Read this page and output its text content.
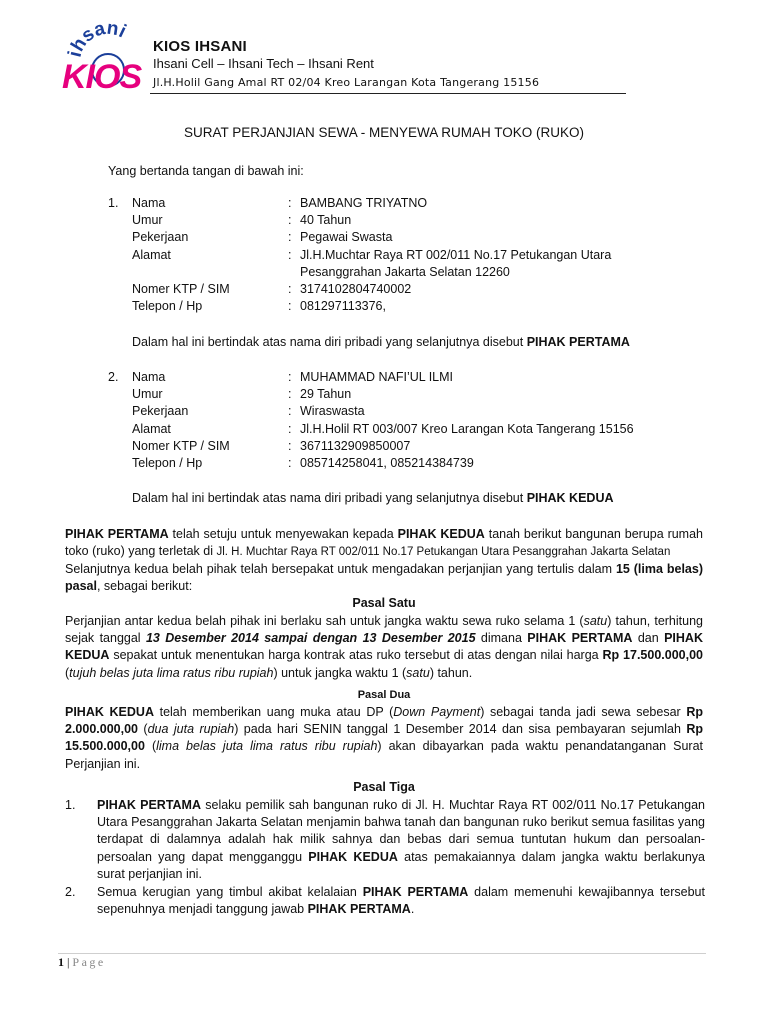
ihsani
KIOS
KIOS IHSANI
Ihsani Cell – Ihsani Tech – Ihsani Rent
Jl.H.Holil Gang Amal RT 02/04 Kreo Larangan Kota Tangerang 15156
SURAT PERJANJIAN SEWA - MENYEWA RUMAH TOKO (RUKO)
Yang bertanda tangan di bawah ini:
1. Nama	: BAMBANG TRIYATNO
Umur	: 40 Tahun
Pekerjaan	: Pegawai Swasta
Alamat	: Jl.H.Muchtar Raya RT 002/011 No.17 Petukangan Utara
Pesanggrahan Jakarta Selatan 12260
Nomer KTP / SIM	: 3174102804740002
Telepon / Hp	: 081297113376,
Dalam hal ini bertindak atas nama diri pribadi yang selanjutnya disebut PIHAK PERTAMA
2. Nama	: MUHAMMAD NAFI’UL ILMI
Umur	: 29 Tahun
Pekerjaan	: Wiraswasta
Alamat	: Jl.H.Holil RT 003/007 Kreo Larangan Kota Tangerang 15156
Nomer KTP / SIM	: 3671132909850007
Telepon / Hp	: 085714258041, 085214384739
Dalam hal ini bertindak atas nama diri pribadi yang selanjutnya disebut PIHAK KEDUA
PIHAK PERTAMA telah setuju untuk menyewakan kepada PIHAK KEDUA tanah berikut bangunan berupa rumah toko (ruko) yang terletak di Jl. H. Muchtar Raya RT 002/011 No.17 Petukangan Utara Pesanggrahan Jakarta Selatan
Selanjutnya kedua belah pihak telah bersepakat untuk mengadakan perjanjian yang tertulis dalam 15 (lima belas) pasal, sebagai berikut:
Pasal Satu
Perjanjian antar kedua belah pihak ini berlaku sah untuk jangka waktu sewa ruko selama 1 (satu) tahun, terhitung sejak tanggal 13 Desember 2014 sampai dengan 13 Desember 2015 dimana PIHAK PERTAMA dan PIHAK KEDUA sepakat untuk menentukan harga kontrak atas ruko tersebut di atas dengan nilai harga Rp 17.500.000,00 (tujuh belas juta lima ratus ribu rupiah) untuk jangka waktu 1 (satu) tahun.
Pasal Dua
PIHAK KEDUA telah memberikan uang muka atau DP (Down Payment) sebagai tanda jadi sewa sebesar Rp 2.000.000,00 (dua juta rupiah) pada hari SENIN tanggal 1 Desember 2014 dan sisa pembayaran sejumlah Rp 15.500.000,00 (lima belas juta lima ratus ribu rupiah) akan dibayarkan pada waktu penandatanganan Surat Perjanjian ini.
Pasal Tiga
1. PIHAK PERTAMA selaku pemilik sah bangunan ruko di Jl. H. Muchtar Raya RT 002/011 No.17 Petukangan Utara Pesanggrahan Jakarta Selatan menjamin bahwa tanah dan bangunan ruko berikut semua fasilitas yang terdapat di dalamnya adalah hak milik sahnya dan bebas dari semua tuntutan hukum dan persoalan-persoalan yang dapat mengganggu PIHAK KEDUA atas pemakaiannya dalam jangka waktu berlakunya surat perjanjian ini.
2. Semua kerugian yang timbul akibat kelalaian PIHAK PERTAMA dalam memenuhi kewajibannya tersebut sepenuhnya menjadi tanggung jawab PIHAK PERTAMA.
1 | Page
